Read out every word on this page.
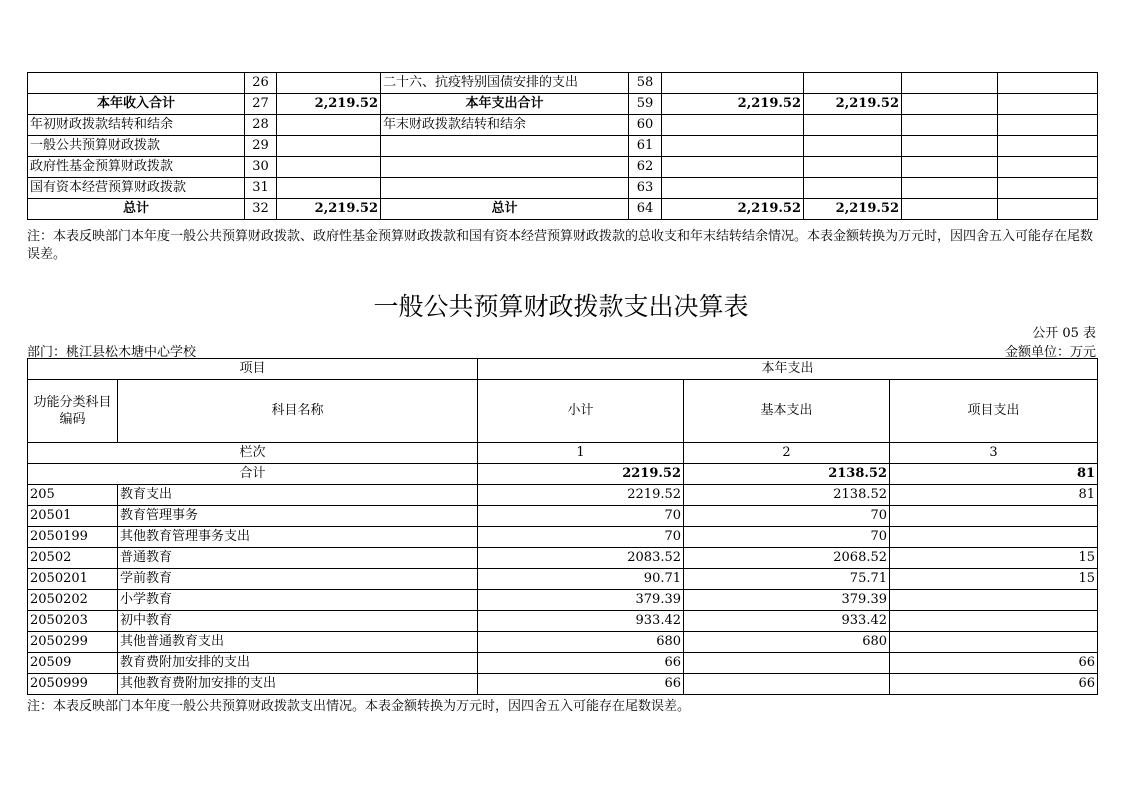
	26		二十六、抗疫特别国债安排的支出	58				
本年收入合计	27	2,219.52	本年支出合计	59	2,219.52	2,219.52		
年初财政拨款结转和结余	28		年末财政拨款结转和结余	60				
一般公共预算财政拨款	29			61				
政府性基金预算财政拨款	30			62				
国有资本经营预算财政拨款	31			63				
总计	32	2,219.52	总计	64	2,219.52	2,219.52		
注：本表反映部门本年度一般公共预算财政拨款、政府性基金预算财政拨款和国有资本经营预算财政拨款的总收支和年末结转结余情况。本表金额转换为万元时，因四舍五入可能存在尾数误差。
一般公共预算财政拨款支出决算表
公开 05 表
部门：桃江县松木塘中心学校	金额单位：万元
项目		本年支出		
功能分类科目编码	科目名称	小计	基本支出	项目支出
栏次		1	2	3
合计		2219.52	2138.52	81
205	教育支出	2219.52	2138.52	81
20501	教育管理事务	70	70	
2050199	其他教育管理事务支出	70	70	
20502	普通教育	2083.52	2068.52	15
2050201	学前教育	90.71	75.71	15
2050202	小学教育	379.39	379.39	
2050203	初中教育	933.42	933.42	
2050299	其他普通教育支出	680	680	
20509	教育费附加安排的支出	66		66
2050999	其他教育费附加安排的支出	66		66
注：本表反映部门本年度一般公共预算财政拨款支出情况。本表金额转换为万元时，因四舍五入可能存在尾数误差。
